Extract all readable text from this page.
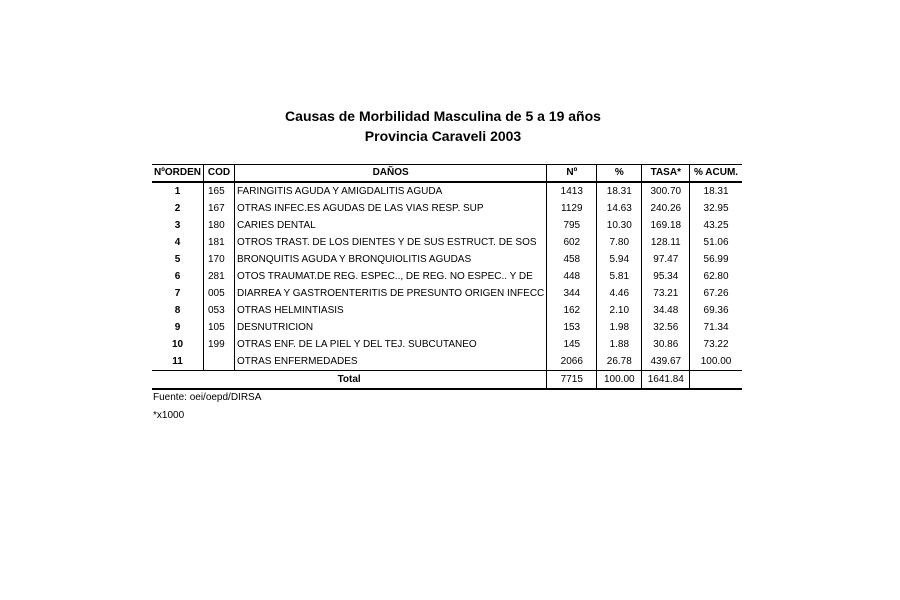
Causas de Morbilidad Masculina de 5 a 19 años
Provincia Caraveli 2003
NºORDEN	COD	DAÑOS	Nº	%	TASA*	% ACUM.
1	165	FARINGITIS AGUDA Y AMIGDALITIS AGUDA	1413	18.31	300.70	18.31
2	167	OTRAS INFEC.ES AGUDAS DE LAS VIAS RESP. SUP	1129	14.63	240.26	32.95
3	180	CARIES DENTAL	795	10.30	169.18	43.25
4	181	OTROS TRAST. DE LOS DIENTES Y DE SUS ESTRUCT. DE SOS	602	7.80	128.11	51.06
5	170	BRONQUITIS AGUDA Y BRONQUIOLITIS AGUDAS	458	5.94	97.47	56.99
6	281	OTOS TRAUMAT.DE REG. ESPEC.., DE REG. NO ESPEC.. Y DE	448	5.81	95.34	62.80
7	005	DIARREA Y GASTROENTERITIS DE PRESUNTO ORIGEN INFECC	344	4.46	73.21	67.26
8	053	OTRAS HELMINTIASIS	162	2.10	34.48	69.36
9	105	DESNUTRICION	153	1.98	32.56	71.34
10	199	OTRAS ENF. DE LA PIEL Y DEL TEJ. SUBCUTANEO	145	1.88	30.86	73.22
11		OTRAS ENFERMEDADES	2066	26.78	439.67	100.00
Total			7715	100.00	1641.84	
Fuente: oei/oepd/DIRSA
*x1000
